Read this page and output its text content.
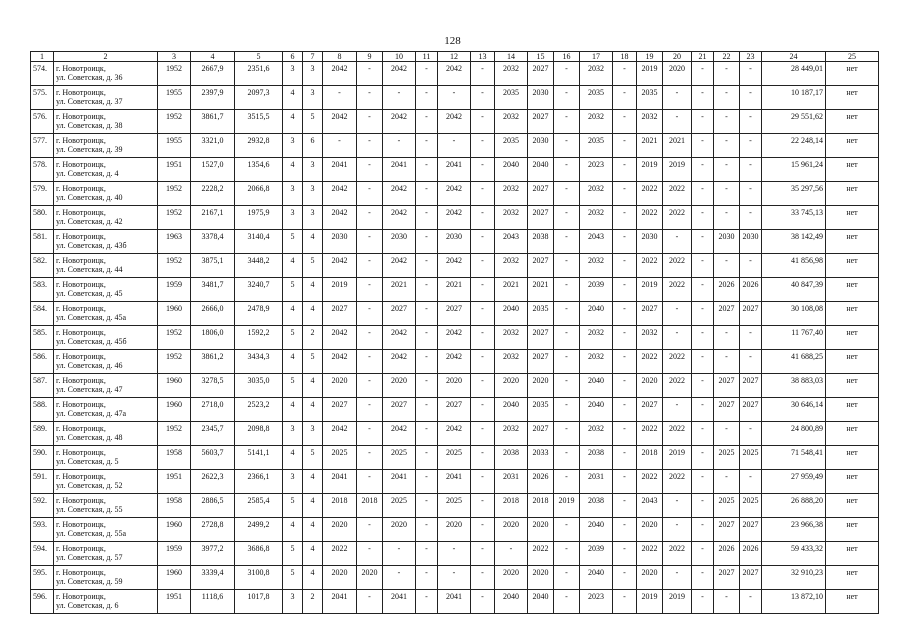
128
1	2	3	4	5	6	7	8	9	10	11	12	13	14	15	16	17	18	19	20	21	22	23	24	25
574.	г. Новотроицк,
ул. Советская, д. 36	1952	2667,9	2351,6	3	3	2042	-	2042	-	2042	-	2032	2027	-	2032	-	2019	2020	-	-	-	28 449,01	нет
575.	г. Новотроицк,
ул. Советская, д. 37	1955	2397,9	2097,3	4	3	-	-	-	-	-	-	2035	2030	-	2035	-	2035	-	-	-	-	10 187,17	нет
576.	г. Новотроицк,
ул. Советская, д. 38	1952	3861,7	3515,5	4	5	2042	-	2042	-	2042	-	2032	2027	-	2032	-	2032	-	-	-	-	29 551,62	нет
577.	г. Новотроицк,
ул. Советская, д. 39	1955	3321,0	2932,8	3	6	-	-	-	-	-	-	2035	2030	-	2035	-	2021	2021	-	-	-	22 248,14	нет
578.	г. Новотроицк,
ул. Советская, д. 4	1951	1527,0	1354,6	4	3	2041	-	2041	-	2041	-	2040	2040	-	2023	-	2019	2019	-	-	-	15 961,24	нет
579.	г. Новотроицк,
ул. Советская, д. 40	1952	2228,2	2066,8	3	3	2042	-	2042	-	2042	-	2032	2027	-	2032	-	2022	2022	-	-	-	35 297,56	нет
580.	г. Новотроицк,
ул. Советская, д. 42	1952	2167,1	1975,9	3	3	2042	-	2042	-	2042	-	2032	2027	-	2032	-	2022	2022	-	-	-	33 745,13	нет
581.	г. Новотроицк,
ул. Советская, д. 43б	1963	3378,4	3140,4	5	4	2030	-	2030	-	2030	-	2043	2038	-	2043	-	2030	-	-	2030	2030	38 142,49	нет
582.	г. Новотроицк,
ул. Советская, д. 44	1952	3875,1	3448,2	4	5	2042	-	2042	-	2042	-	2032	2027	-	2032	-	2022	2022	-	-	-	41 856,98	нет
583.	г. Новотроицк,
ул. Советская, д. 45	1959	3481,7	3240,7	5	4	2019	-	2021	-	2021	-	2021	2021	-	2039	-	2019	2022	-	2026	2026	40 847,39	нет
584.	г. Новотроицк,
ул. Советская, д. 45а	1960	2666,0	2478,9	4	4	2027	-	2027	-	2027	-	2040	2035	-	2040	-	2027	-	-	2027	2027	30 108,08	нет
585.	г. Новотроицк,
ул. Советская, д. 45б	1952	1806,0	1592,2	5	2	2042	-	2042	-	2042	-	2032	2027	-	2032	-	2032	-	-	-	-	11 767,40	нет
586.	г. Новотроицк,
ул. Советская, д. 46	1952	3861,2	3434,3	4	5	2042	-	2042	-	2042	-	2032	2027	-	2032	-	2022	2022	-	-	-	41 688,25	нет
587.	г. Новотроицк,
ул. Советская, д. 47	1960	3278,5	3035,0	5	4	2020	-	2020	-	2020	-	2020	2020	-	2040	-	2020	2022	-	2027	2027	38 883,03	нет
588.	г. Новотроицк,
ул. Советская, д. 47а	1960	2718,0	2523,2	4	4	2027	-	2027	-	2027	-	2040	2035	-	2040	-	2027	-	-	2027	2027	30 646,14	нет
589.	г. Новотроицк,
ул. Советская, д. 48	1952	2345,7	2098,8	3	3	2042	-	2042	-	2042	-	2032	2027	-	2032	-	2022	2022	-	-	-	24 800,89	нет
590.	г. Новотроицк,
ул. Советская, д. 5	1958	5603,7	5141,1	4	5	2025	-	2025	-	2025	-	2038	2033	-	2038	-	2018	2019	-	2025	2025	71 548,41	нет
591.	г. Новотроицк,
ул. Советская, д. 52	1951	2622,3	2366,1	3	4	2041	-	2041	-	2041	-	2031	2026	-	2031	-	2022	2022	-	-	-	27 959,49	нет
592.	г. Новотроицк,
ул. Советская, д. 55	1958	2886,5	2585,4	5	4	2018	2018	2025	-	2025	-	2018	2018	2019	2038	-	2043	-	-	2025	2025	26 888,20	нет
593.	г. Новотроицк,
ул. Советская, д. 55а	1960	2728,8	2499,2	4	4	2020	-	2020	-	2020	-	2020	2020	-	2040	-	2020	-	-	2027	2027	23 966,38	нет
594.	г. Новотроицк,
ул. Советская, д. 57	1959	3977,2	3686,8	5	4	2022	-	-	-	-	-	-	2022	-	2039	-	2022	2022	-	2026	2026	59 433,32	нет
595.	г. Новотроицк,
ул. Советская, д. 59	1960	3339,4	3100,8	5	4	2020	2020	-	-	-	-	2020	2020	-	2040	-	2020	-	-	2027	2027	32 910,23	нет
596.	г. Новотроицк,
ул. Советская, д. 6	1951	1118,6	1017,8	3	2	2041	-	2041	-	2041	-	2040	2040	-	2023	-	2019	2019	-	-	-	13 872,10	нет
